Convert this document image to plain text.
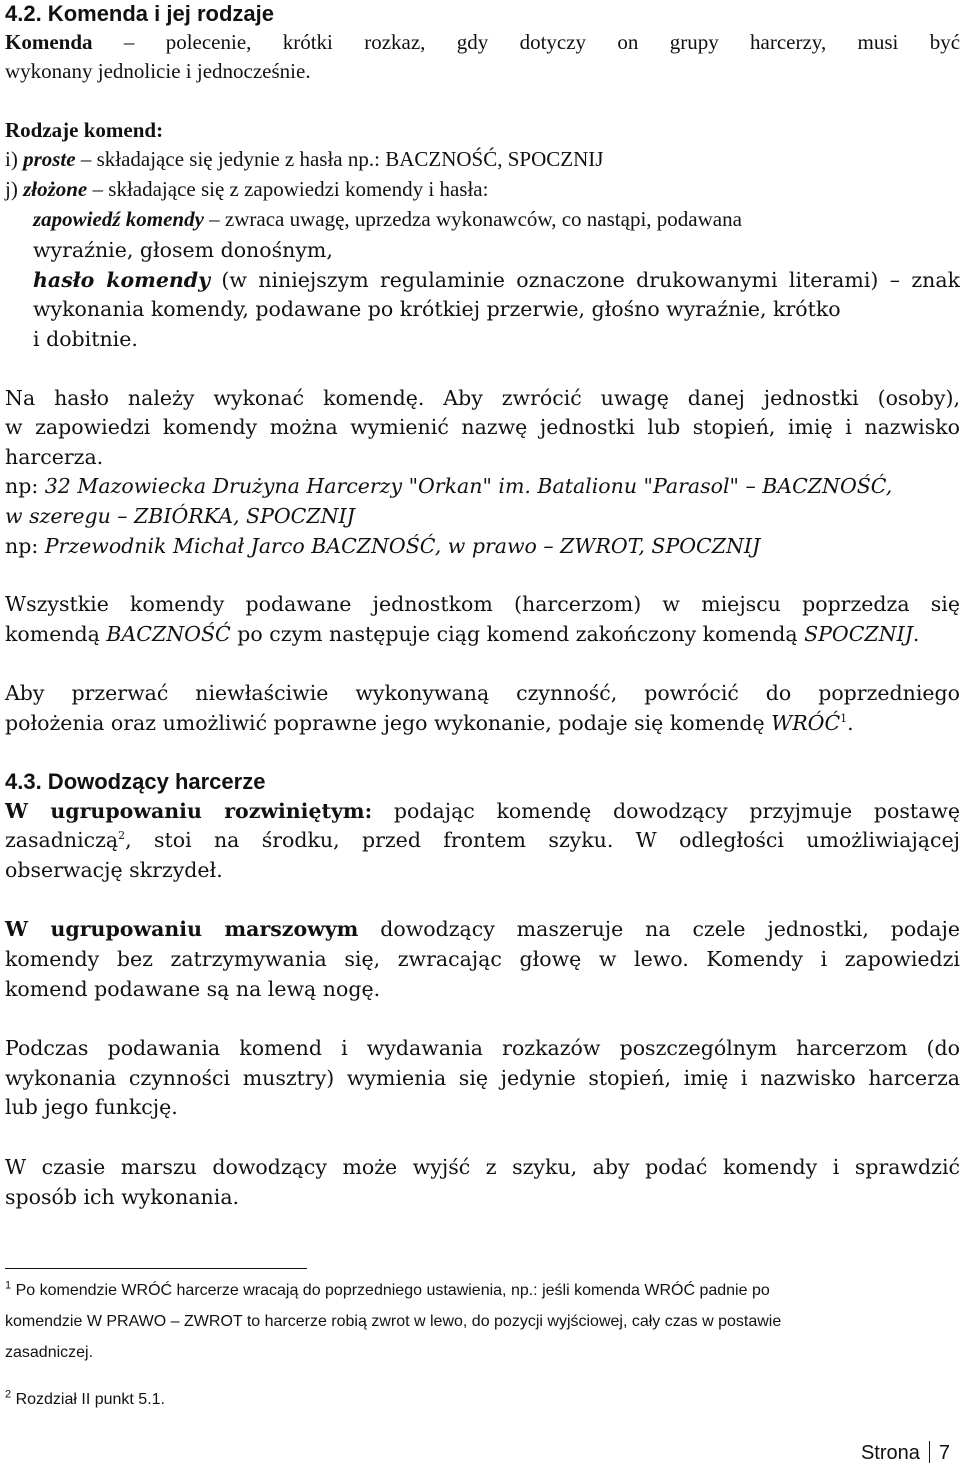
4.2. Komenda i jej rodzaje
Komenda – polecenie, krótki rozkaz, gdy dotyczy on grupy harcerzy, musi być
wykonany jednolicie i jednocześnie.
Rodzaje komend:
i) proste – składające się jedynie z hasła np.: BACZNOŚĆ, SPOCZNIJ
j) złożone – składające się z zapowiedzi komendy i hasła:
zapowiedź komendy – zwraca uwagę, uprzedza wykonawców, co nastąpi, podawana
wyraźnie, głosem donośnym,
hasło komendy (w niniejszym regulaminie oznaczone drukowanymi literami) – znak
wykonania komendy, podawane po krótkiej przerwie, głośno wyraźnie, krótko
i dobitnie.
Na hasło należy wykonać komendę. Aby zwrócić uwagę danej jednostki (osoby),
w zapowiedzi komendy można wymienić nazwę jednostki lub stopień, imię i nazwisko
harcerza.
np: 32 Mazowiecka Drużyna Harcerzy "Orkan" im. Batalionu "Parasol" – BACZNOŚĆ,
w szeregu – ZBIÓRKA, SPOCZNIJ
np: Przewodnik Michał Jarco BACZNOŚĆ, w prawo – ZWROT, SPOCZNIJ
Wszystkie komendy podawane jednostkom (harcerzom) w miejscu poprzedza się
komendą BACZNOŚĆ po czym następuje ciąg komend zakończony komendą SPOCZNIJ.
Aby przerwać niewłaściwie wykonywaną czynność, powrócić do poprzedniego
położenia oraz umożliwić poprawne jego wykonanie, podaje się komendę WRÓĆ$^1$.
4.3. Dowodzący harcerze
W ugrupowaniu rozwiniętym: podając komendę dowodzący przyjmuje postawę
zasadniczą$^2$, stoi na środku, przed frontem szyku. W odległości umożliwiającej
obserwację skrzydeł.
W ugrupowaniu marszowym dowodzący maszeruje na czele jednostki, podaje
komendy bez zatrzymywania się, zwracając głowę w lewo. Komendy i zapowiedzi
komend podawane są na lewą nogę.
Podczas podawania komend i wydawania rozkazów poszczególnym harcerzom (do
wykonania czynności musztry) wymienia się jedynie stopień, imię i nazwisko harcerza
lub jego funkcję.
W czasie marszu dowodzący może wyjść z szyku, aby podać komendy i sprawdzić
sposób ich wykonania.
$^1$ Po komendzie WRÓĆ harcerze wracają do poprzedniego ustawienia, np.: jeśli komenda WRÓĆ padnie po
komendzie W PRAWO – ZWROT to harcerze robią zwrot w lewo, do pozycji wyjściowej, cały czas w postawie
zasadniczej.
$^2$ Rozdział II punkt 5.1.
Strona 7
